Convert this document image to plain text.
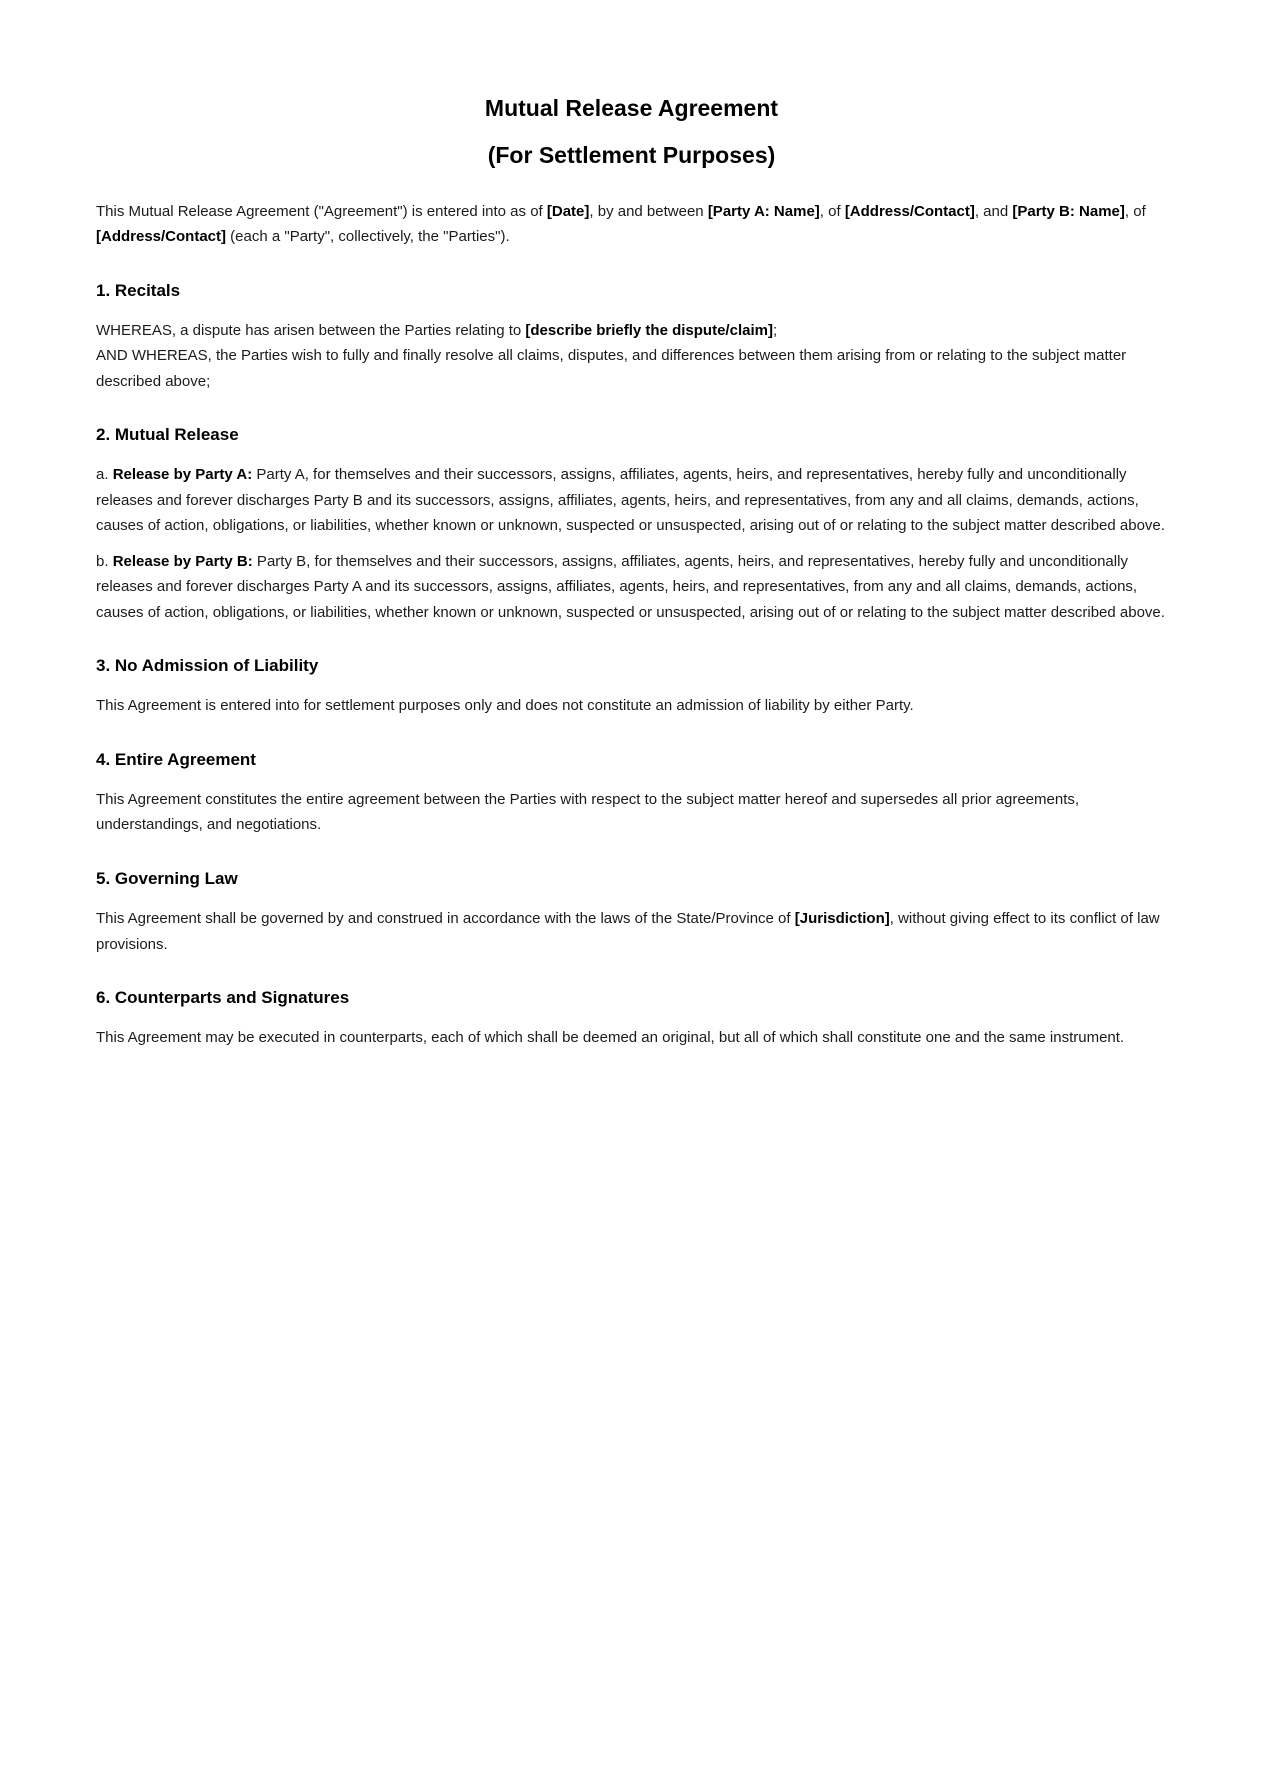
Mutual Release Agreement
(For Settlement Purposes)

This Mutual Release Agreement ("Agreement") is entered into as of [Date], by and between [Party A: Name], of [Address/Contact], and [Party B: Name], of [Address/Contact] (each a "Party", collectively, the "Parties").

1. Recitals

WHEREAS, a dispute has arisen between the Parties relating to [describe briefly the dispute/claim];
AND WHEREAS, the Parties wish to fully and finally resolve all claims, disputes, and differences between them arising from or relating to the subject matter described above;

2. Mutual Release

a. Release by Party A: Party A, for themselves and their successors, assigns, affiliates, agents, heirs, and representatives, hereby fully and unconditionally releases and forever discharges Party B and its successors, assigns, affiliates, agents, heirs, and representatives, from any and all claims, demands, actions, causes of action, obligations, or liabilities, whether known or unknown, suspected or unsuspected, arising out of or relating to the subject matter described above.

b. Release by Party B: Party B, for themselves and their successors, assigns, affiliates, agents, heirs, and representatives, hereby fully and unconditionally releases and forever discharges Party A and its successors, assigns, affiliates, agents, heirs, and representatives, from any and all claims, demands, actions, causes of action, obligations, or liabilities, whether known or unknown, suspected or unsuspected, arising out of or relating to the subject matter described above.

3. No Admission of Liability

This Agreement is entered into for settlement purposes only and does not constitute an admission of liability by either Party.

4. Entire Agreement

This Agreement constitutes the entire agreement between the Parties with respect to the subject matter hereof and supersedes all prior agreements, understandings, and negotiations.

5. Governing Law

This Agreement shall be governed by and construed in accordance with the laws of the State/Province of [Jurisdiction], without giving effect to its conflict of law provisions.

6. Counterparts and Signatures

This Agreement may be executed in counterparts, each of which shall be deemed an original, but all of which shall constitute one and the same instrument.
